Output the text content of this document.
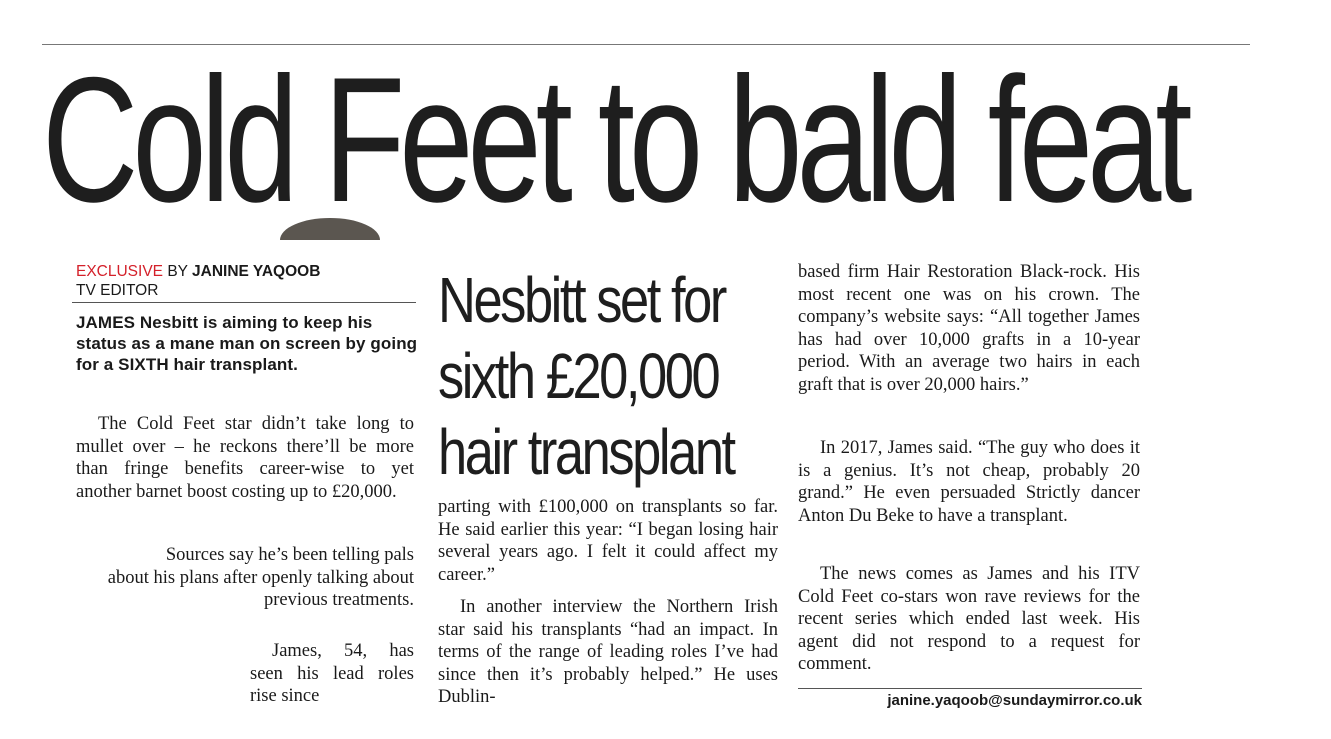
Cold Feet to bald feat
EXCLUSIVE BY JANINE YAQOOB
TV EDITOR
JAMES Nesbitt is aiming to keep his status as a mane man on screen by going for a SIXTH hair transplant.

The Cold Feet star didn’t take long to mullet over – he reckons there’ll be more than fringe benefits career-wise to yet another barnet boost costing up to £20,000.

Sources say he’s been telling pals about his plans after openly talking about previous treatments.

James, 54, has seen his lead roles rise since

Nesbitt set for
sixth £20,000
hair transplant

parting with £100,000 on transplants so far. He said earlier this year: “I began losing hair several years ago. I felt it could affect my career.”

In another interview the Northern Irish star said his transplants “had an impact. In terms of the range of leading roles I’ve had since then it’s probably helped.” He uses Dublin-

based firm Hair Restoration Black-rock. His most recent one was on his crown. The company’s website says: “All together James has had over 10,000 grafts in a 10-year period. With an average two hairs in each graft that is over 20,000 hairs.”

In 2017, James said. “The guy who does it is a genius. It’s not cheap, probably 20 grand.” He even persuaded Strictly dancer Anton Du Beke to have a transplant.

The news comes as James and his ITV Cold Feet co-stars won rave reviews for the recent series which ended last week. His agent did not respond to a request for comment.

janine.yaqoob@sundaymirror.co.uk
